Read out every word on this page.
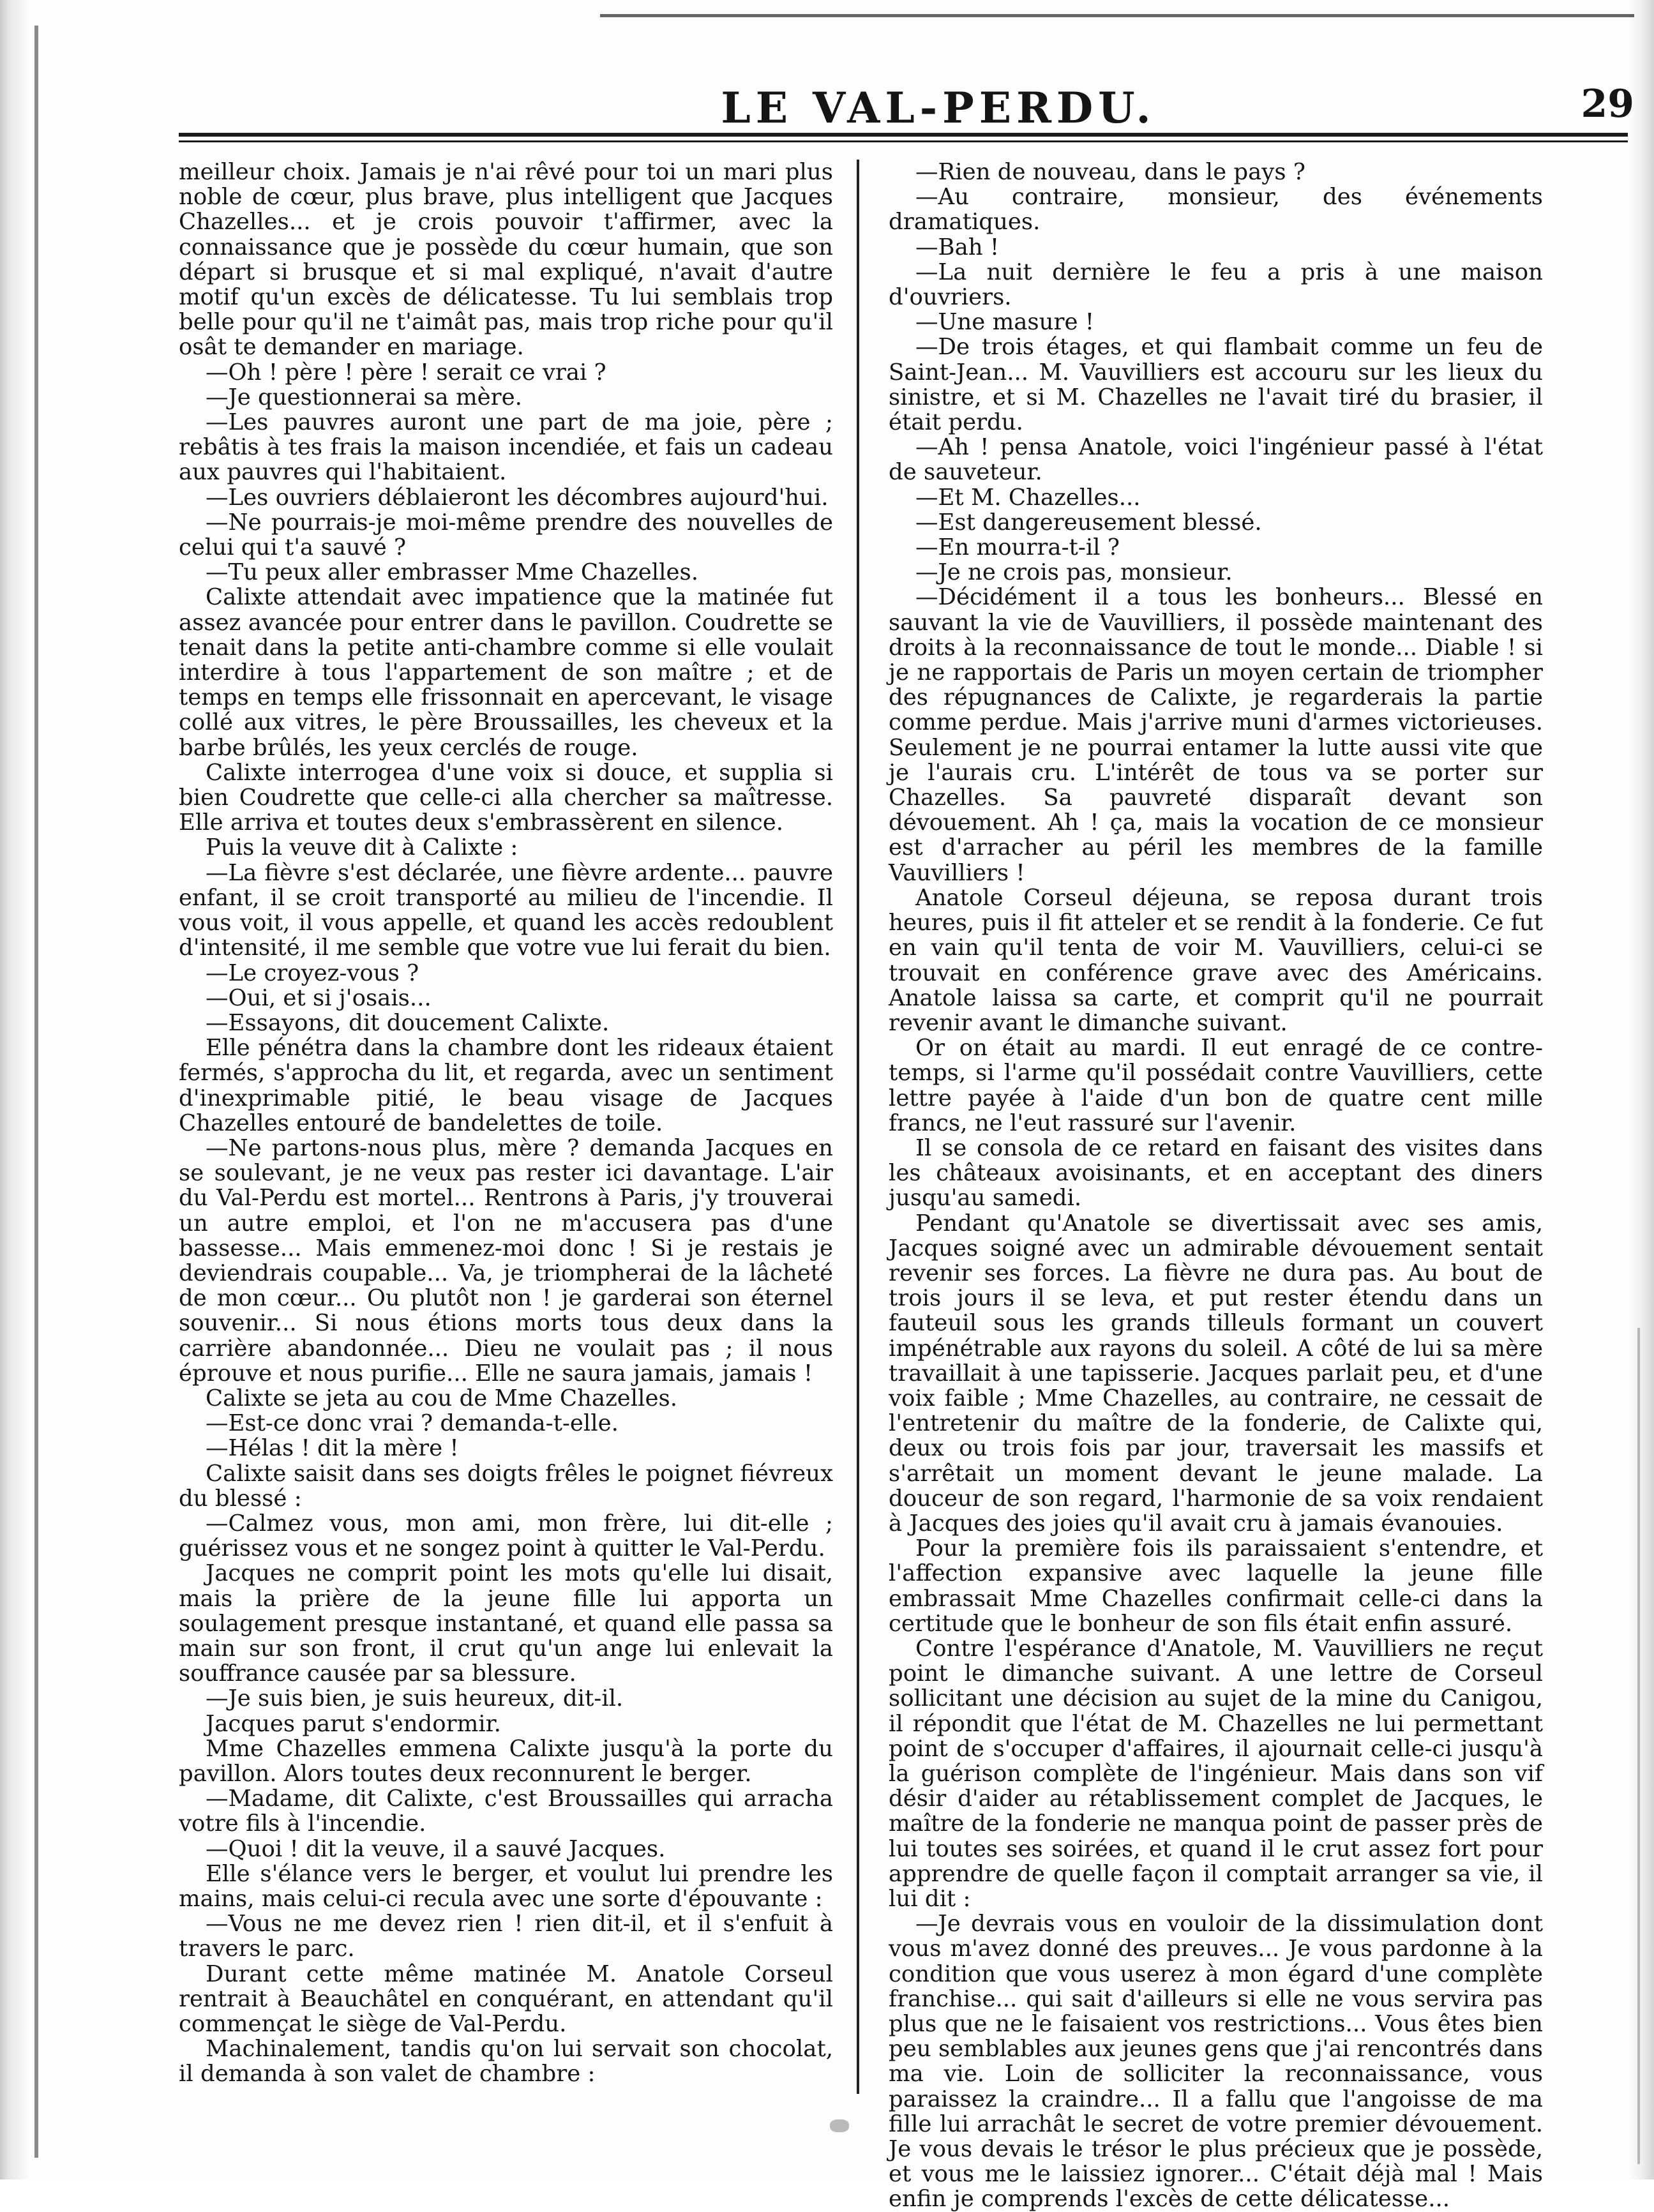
LE VAL-PERDU.	29

meilleur choix. Jamais je n'ai rêvé pour toi un mari plus noble de cœur, plus brave, plus intelligent que Jacques Chazelles... et je crois pouvoir t'affirmer, avec la connaissance que je possède du cœur humain, que son départ si brusque et si mal expliqué, n'avait d'autre motif qu'un excès de délicatesse. Tu lui semblais trop belle pour qu'il ne t'aimât pas, mais trop riche pour qu'il osât te demander en mariage.

—Oh ! père ! père ! serait ce vrai ?

—Je questionnerai sa mère.

—Les pauvres auront une part de ma joie, père ; rebâtis à tes frais la maison incendiée, et fais un cadeau aux pauvres qui l'habitaient.

—Les ouvriers déblaieront les décombres aujourd'hui.

—Ne pourrais-je moi-même prendre des nouvelles de celui qui t'a sauvé ?

—Tu peux aller embrasser Mme Chazelles.

Calixte attendait avec impatience que la matinée fut assez avancée pour entrer dans le pavillon. Coudrette se tenait dans la petite anti-chambre comme si elle voulait interdire à tous l'appartement de son maître ; et de temps en temps elle frissonnait en apercevant, le visage collé aux vitres, le père Broussailles, les cheveux et la barbe brûlés, les yeux cerclés de rouge.

Calixte interrogea d'une voix si douce, et supplia si bien Coudrette que celle-ci alla chercher sa maîtresse. Elle arriva et toutes deux s'embrassèrent en silence.

Puis la veuve dit à Calixte :

—La fièvre s'est déclarée, une fièvre ardente... pauvre enfant, il se croit transporté au milieu de l'incendie. Il vous voit, il vous appelle, et quand les accès redoublent d'intensité, il me semble que votre vue lui ferait du bien.

—Le croyez-vous ?

—Oui, et si j'osais...

—Essayons, dit doucement Calixte.

Elle pénétra dans la chambre dont les rideaux étaient fermés, s'approcha du lit, et regarda, avec un sentiment d'inexprimable pitié, le beau visage de Jacques Chazelles entouré de bandelettes de toile.

—Ne partons-nous plus, mère ? demanda Jacques en se soulevant, je ne veux pas rester ici davantage. L'air du Val-Perdu est mortel... Rentrons à Paris, j'y trouverai un autre emploi, et l'on ne m'accusera pas d'une bassesse... Mais emmenez-moi donc ! Si je restais je deviendrais coupable... Va, je triompherai de la lâcheté de mon cœur... Ou plutôt non ! je garderai son éternel souvenir... Si nous étions morts tous deux dans la carrière abandonnée... Dieu ne voulait pas ; il nous éprouve et nous purifie... Elle ne saura jamais, jamais !

Calixte se jeta au cou de Mme Chazelles.

—Est-ce donc vrai ? demanda-t-elle.

—Hélas ! dit la mère !

Calixte saisit dans ses doigts frêles le poignet fiévreux du blessé :

—Calmez vous, mon ami, mon frère, lui dit-elle ; guérissez vous et ne songez point à quitter le Val-Perdu.

Jacques ne comprit point les mots qu'elle lui disait, mais la prière de la jeune fille lui apporta un soulagement presque instantané, et quand elle passa sa main sur son front, il crut qu'un ange lui enlevait la souffrance causée par sa blessure.

—Je suis bien, je suis heureux, dit-il.

Jacques parut s'endormir.

Mme Chazelles emmena Calixte jusqu'à la porte du pavillon. Alors toutes deux reconnurent le berger.

—Madame, dit Calixte, c'est Broussailles qui arracha votre fils à l'incendie.

—Quoi ! dit la veuve, il a sauvé Jacques.

Elle s'élance vers le berger, et voulut lui prendre les mains, mais celui-ci recula avec une sorte d'épouvante :

—Vous ne me devez rien ! rien dit-il, et il s'enfuit à travers le parc.

Durant cette même matinée M. Anatole Corseul rentrait à Beauchâtel en conquérant, en attendant qu'il commençat le siège de Val-Perdu.

Machinalement, tandis qu'on lui servait son chocolat, il demanda à son valet de chambre :

—Rien de nouveau, dans le pays ?

—Au contraire, monsieur, des événements dramatiques.

—Bah !

—La nuit dernière le feu a pris à une maison d'ouvriers.

—Une masure !

—De trois étages, et qui flambait comme un feu de Saint-Jean... M. Vauvilliers est accouru sur les lieux du sinistre, et si M. Chazelles ne l'avait tiré du brasier, il était perdu.

—Ah ! pensa Anatole, voici l'ingénieur passé à l'état de sauveteur.

—Et M. Chazelles...

—Est dangereusement blessé.

—En mourra-t-il ?

—Je ne crois pas, monsieur.

—Décidément il a tous les bonheurs... Blessé en sauvant la vie de Vauvilliers, il possède maintenant des droits à la reconnaissance de tout le monde... Diable ! si je ne rapportais de Paris un moyen certain de triompher des répugnances de Calixte, je regarderais la partie comme perdue. Mais j'arrive muni d'armes victorieuses. Seulement je ne pourrai entamer la lutte aussi vite que je l'aurais cru. L'intérêt de tous va se porter sur Chazelles. Sa pauvreté disparaît devant son dévouement. Ah ! ça, mais la vocation de ce monsieur est d'arracher au péril les membres de la famille Vauvilliers !

Anatole Corseul déjeuna, se reposa durant trois heures, puis il fit atteler et se rendit à la fonderie. Ce fut en vain qu'il tenta de voir M. Vauvilliers, celui-ci se trouvait en conférence grave avec des Américains. Anatole laissa sa carte, et comprit qu'il ne pourrait revenir avant le dimanche suivant.

Or on était au mardi. Il eut enragé de ce contre-temps, si l'arme qu'il possédait contre Vauvilliers, cette lettre payée à l'aide d'un bon de quatre cent mille francs, ne l'eut rassuré sur l'avenir.

Il se consola de ce retard en faisant des visites dans les châteaux avoisinants, et en acceptant des diners jusqu'au samedi.

Pendant qu'Anatole se divertissait avec ses amis, Jacques soigné avec un admirable dévouement sentait revenir ses forces. La fièvre ne dura pas. Au bout de trois jours il se leva, et put rester étendu dans un fauteuil sous les grands tilleuls formant un couvert impénétrable aux rayons du soleil. A côté de lui sa mère travaillait à une tapisserie. Jacques parlait peu, et d'une voix faible ; Mme Chazelles, au contraire, ne cessait de l'entretenir du maître de la fonderie, de Calixte qui, deux ou trois fois par jour, traversait les massifs et s'arrêtait un moment devant le jeune malade. La douceur de son regard, l'harmonie de sa voix rendaient à Jacques des joies qu'il avait cru à jamais évanouies.

Pour la première fois ils paraissaient s'entendre, et l'affection expansive avec laquelle la jeune fille embrassait Mme Chazelles confirmait celle-ci dans la certitude que le bonheur de son fils était enfin assuré.

Contre l'espérance d'Anatole, M. Vauvilliers ne reçut point le dimanche suivant. A une lettre de Corseul sollicitant une décision au sujet de la mine du Canigou, il répondit que l'état de M. Chazelles ne lui permettant point de s'occuper d'affaires, il ajournait celle-ci jusqu'à la guérison complète de l'ingénieur. Mais dans son vif désir d'aider au rétablissement complet de Jacques, le maître de la fonderie ne manqua point de passer près de lui toutes ses soirées, et quand il le crut assez fort pour apprendre de quelle façon il comptait arranger sa vie, il lui dit :

—Je devrais vous en vouloir de la dissimulation dont vous m'avez donné des preuves... Je vous pardonne à la condition que vous userez à mon égard d'une complète franchise... qui sait d'ailleurs si elle ne vous servira pas plus que ne le faisaient vos restrictions... Vous êtes bien peu semblables aux jeunes gens que j'ai rencontrés dans ma vie. Loin de solliciter la reconnaissance, vous paraissez la craindre... Il a fallu que l'angoisse de ma fille lui arrachât le secret de votre premier dévouement. Je vous devais le trésor le plus précieux que je possède, et vous me le laissiez ignorer... C'était déjà mal ! Mais enfin je comprends l'excès de cette délicatesse...
